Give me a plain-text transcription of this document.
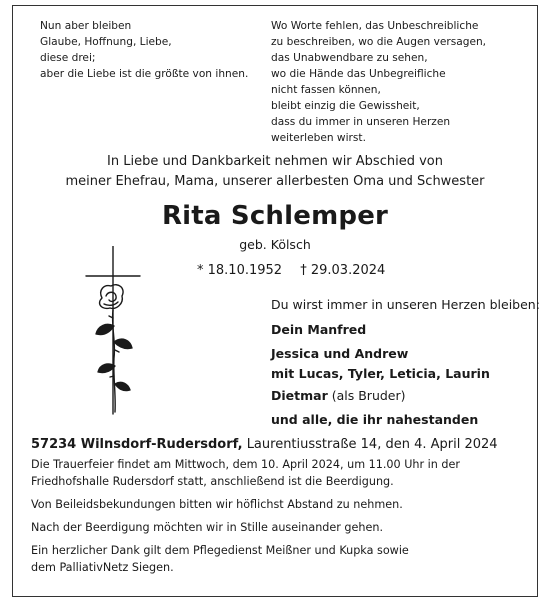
Nun aber bleiben
Glaube, Hoffnung, Liebe,
diese drei;
aber die Liebe ist die größte von ihnen.
Wo Worte fehlen, das Unbeschreibliche
zu beschreiben, wo die Augen versagen,
das Unabwendbare zu sehen,
wo die Hände das Unbegreifliche
nicht fassen können,
bleibt einzig die Gewissheit,
dass du immer in unseren Herzen
weiterleben wirst.
In Liebe und Dankbarkeit nehmen wir Abschied von
meiner Ehefrau, Mama, unserer allerbesten Oma und Schwester
Rita Schlemper
geb. Kölsch
* 18.10.1952 † 29.03.2024
Du wirst immer in unseren Herzen bleiben:
Dein Manfred
Jessica und Andrew
mit Lucas, Tyler, Leticia, Laurin
Dietmar (als Bruder)
und alle, die ihr nahestanden
57234 Wilnsdorf-Rudersdorf, Laurentiusstraße 14, den 4. April 2024
Die Trauerfeier findet am Mittwoch, dem 10. April 2024, um 11.00 Uhr in der
Friedhofshalle Rudersdorf statt, anschließend ist die Beerdigung.
Von Beileidsbekundungen bitten wir höflichst Abstand zu nehmen.
Nach der Beerdigung möchten wir in Stille auseinander gehen.
Ein herzlicher Dank gilt dem Pflegedienst Meißner und Kupka sowie
dem PalliativNetz Siegen.
